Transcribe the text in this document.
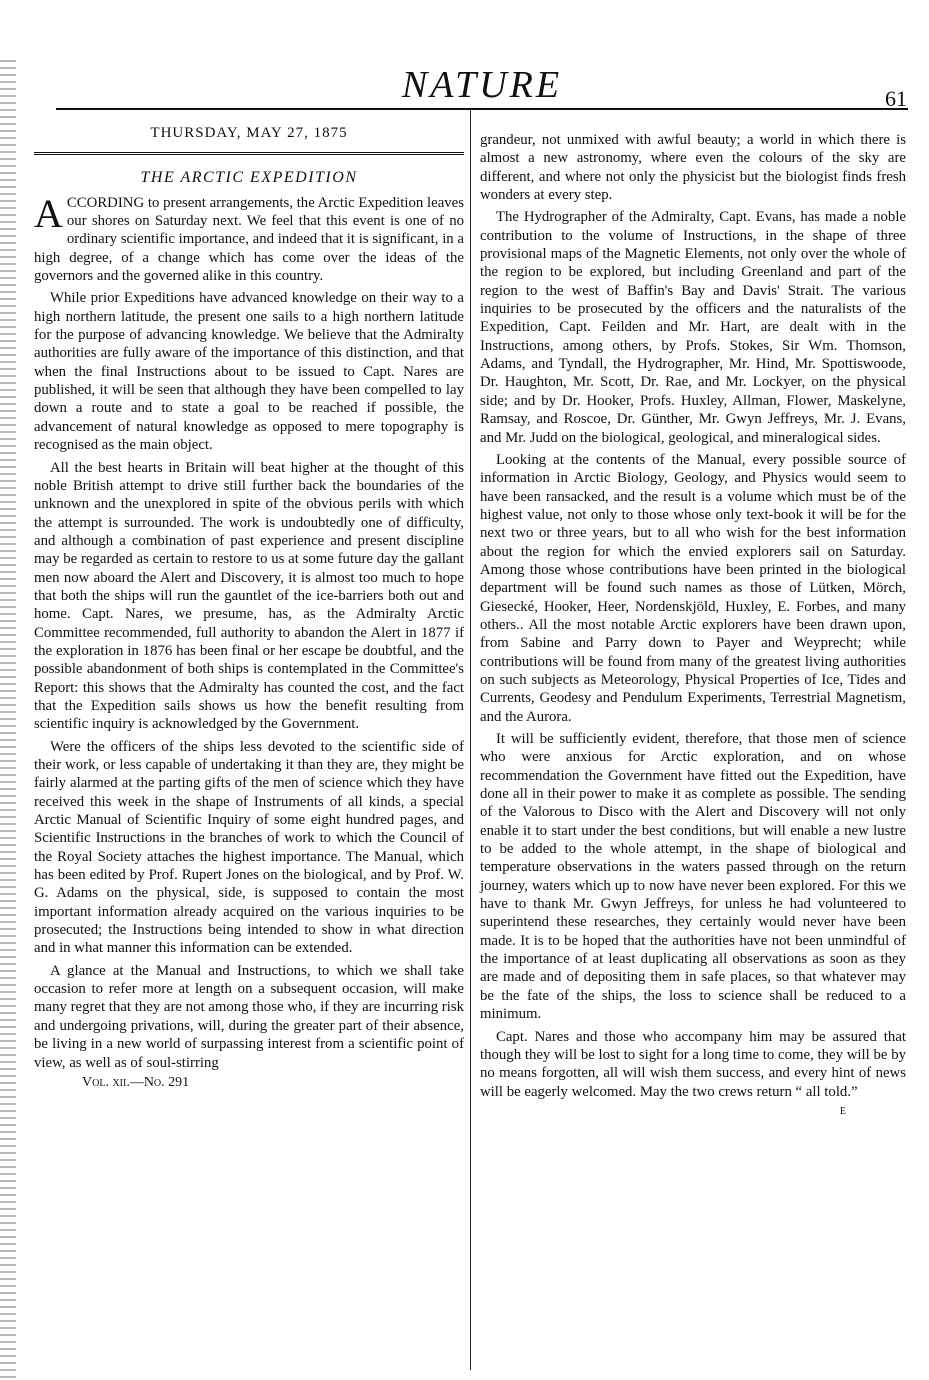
NATURE	61
THURSDAY, MAY 27, 1875
THE ARCTIC EXPEDITION

ACCORDING to present arrangements, the Arctic Expedition leaves our shores on Saturday next. We feel that this event is one of no ordinary scientific importance, and indeed that it is significant, in a high degree, of a change which has come over the ideas of the governors and the governed alike in this country.

While prior Expeditions have advanced knowledge on their way to a high northern latitude, the present one sails to a high northern latitude for the purpose of advancing knowledge. We believe that the Admiralty authorities are fully aware of the importance of this distinction, and that when the final Instructions about to be issued to Capt. Nares are published, it will be seen that although they have been compelled to lay down a route and to state a goal to be reached if possible, the advancement of natural knowledge as opposed to mere topography is recognised as the main object.

All the best hearts in Britain will beat higher at the thought of this noble British attempt to drive still further back the boundaries of the unknown and the unexplored in spite of the obvious perils with which the attempt is surrounded. The work is undoubtedly one of difficulty, and although a combination of past experience and present discipline may be regarded as certain to restore to us at some future day the gallant men now aboard the Alert and Discovery, it is almost too much to hope that both the ships will run the gauntlet of the ice-barriers both out and home. Capt. Nares, we presume, has, as the Admiralty Arctic Committee recommended, full authority to abandon the Alert in 1877 if the exploration in 1876 has been final or her escape be doubtful, and the possible abandonment of both ships is contemplated in the Committee's Report: this shows that the Admiralty has counted the cost, and the fact that the Expedition sails shows us how the benefit resulting from scientific inquiry is acknowledged by the Government.

Were the officers of the ships less devoted to the scientific side of their work, or less capable of undertaking it than they are, they might be fairly alarmed at the parting gifts of the men of science which they have received this week in the shape of Instruments of all kinds, a special Arctic Manual of Scientific Inquiry of some eight hundred pages, and Scientific Instructions in the branches of work to which the Council of the Royal Society attaches the highest importance. The Manual, which has been edited by Prof. Rupert Jones on the biological, and by Prof. W. G. Adams on the physical, side, is supposed to contain the most important information already acquired on the various inquiries to be prosecuted; the Instructions being intended to show in what direction and in what manner this information can be extended.

A glance at the Manual and Instructions, to which we shall take occasion to refer more at length on a subsequent occasion, will make many regret that they are not among those who, if they are incurring risk and undergoing privations, will, during the greater part of their absence, be living in a new world of surpassing interest from a scientific point of view, as well as of soul-stirring

Vol. xii.—No. 291

grandeur, not unmixed with awful beauty; a world in which there is almost a new astronomy, where even the colours of the sky are different, and where not only the physicist but the biologist finds fresh wonders at every step.

The Hydrographer of the Admiralty, Capt. Evans, has made a noble contribution to the volume of Instructions, in the shape of three provisional maps of the Magnetic Elements, not only over the whole of the region to be explored, but including Greenland and part of the region to the west of Baffin's Bay and Davis' Strait. The various inquiries to be prosecuted by the officers and the naturalists of the Expedition, Capt. Feilden and Mr. Hart, are dealt with in the Instructions, among others, by Profs. Stokes, Sir Wm. Thomson, Adams, and Tyndall, the Hydrographer, Mr. Hind, Mr. Spottiswoode, Dr. Haughton, Mr. Scott, Dr. Rae, and Mr. Lockyer, on the physical side; and by Dr. Hooker, Profs. Huxley, Allman, Flower, Maskelyne, Ramsay, and Roscoe, Dr. Günther, Mr. Gwyn Jeffreys, Mr. J. Evans, and Mr. Judd on the biological, geological, and mineralogical sides.

Looking at the contents of the Manual, every possible source of information in Arctic Biology, Geology, and Physics would seem to have been ransacked, and the result is a volume which must be of the highest value, not only to those whose only text-book it will be for the next two or three years, but to all who wish for the best information about the region for which the envied explorers sail on Saturday. Among those whose contributions have been printed in the biological department will be found such names as those of Lütken, Mörch, Giesecké, Hooker, Heer, Nordenskjöld, Huxley, E. Forbes, and many others.. All the most notable Arctic explorers have been drawn upon, from Sabine and Parry down to Payer and Weyprecht; while contributions will be found from many of the greatest living authorities on such subjects as Meteorology, Physical Properties of Ice, Tides and Currents, Geodesy and Pendulum Experiments, Terrestrial Magnetism, and the Aurora.

It will be sufficiently evident, therefore, that those men of science who were anxious for Arctic exploration, and on whose recommendation the Government have fitted out the Expedition, have done all in their power to make it as complete as possible. The sending of the Valorous to Disco with the Alert and Discovery will not only enable it to start under the best conditions, but will enable a new lustre to be added to the whole attempt, in the shape of biological and temperature observations in the waters passed through on the return journey, waters which up to now have never been explored. For this we have to thank Mr. Gwyn Jeffreys, for unless he had volunteered to superintend these researches, they certainly would never have been made. It is to be hoped that the authorities have not been unmindful of the importance of at least duplicating all observations as soon as they are made and of depositing them in safe places, so that whatever may be the fate of the ships, the loss to science shall be reduced to a minimum.

Capt. Nares and those who accompany him may be assured that though they will be lost to sight for a long time to come, they will be by no means forgotten, all will wish them success, and every hint of news will be eagerly welcomed. May the two crews return “ all told.”

E
